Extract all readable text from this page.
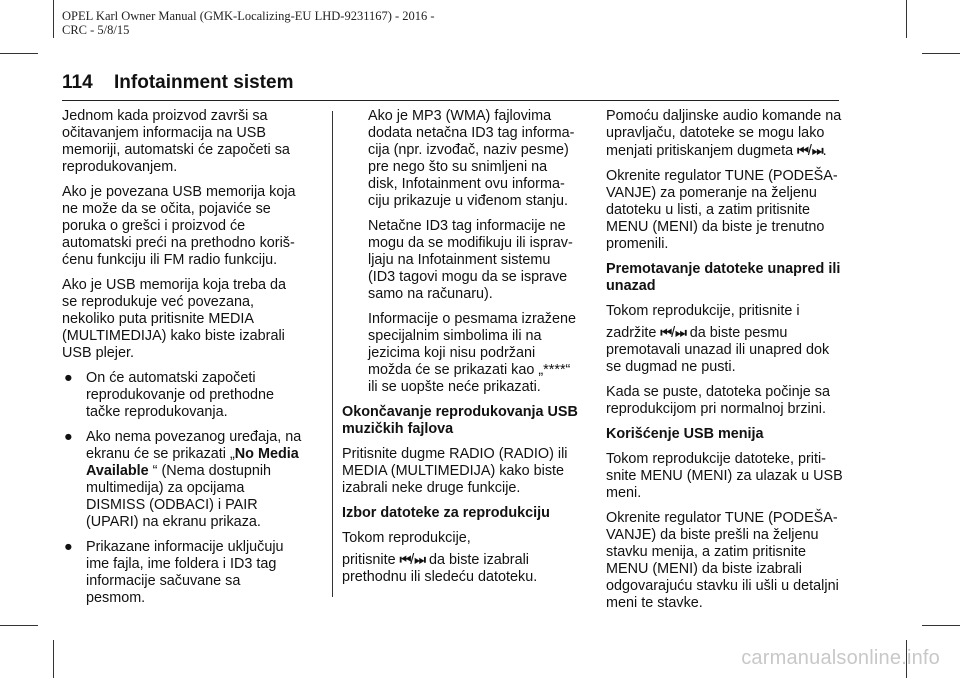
OPEL Karl Owner Manual (GMK-Localizing-EU LHD-9231167) - 2016 -
CRC - 5/8/15
114 Infotainment sistem

Jednom kada proizvod završi sa očitavanjem informacija na USB memoriji, automatski će započeti sa reprodukovanjem.

Ako je povezana USB memorija koja ne može da se očita, pojaviće se poruka o grešci i proizvod će automatski preći na prethodno koriš-ćenu funkciju ili FM radio funkciju.

Ako je USB memorija koja treba da se reprodukuje već povezana, nekoliko puta pritisnite MEDIA (MULTIMEDIJA) kako biste izabrali USB plejer.

● On će automatski započeti reprodukovanje od prethodne tačke reprodukovanja.
● Ako nema povezanog uređaja, na ekranu će se prikazati „No Media Available “ (Nema dostupnih multimedija) za opcijama DISMISS (ODBACI) i PAIR (UPARI) na ekranu prikaza.
● Prikazane informacije uključuju ime fajla, ime foldera i ID3 tag informacije sačuvane sa pesmom.

Ako je MP3 (WMA) fajlovima dodata netačna ID3 tag informa-cija (npr. izvođač, naziv pesme) pre nego što su snimljeni na disk, Infotainment ovu informa-ciju prikazuje u viđenom stanju.

Netačne ID3 tag informacije ne mogu da se modifikuju ili isprav-ljaju na Infotainment sistemu (ID3 tagovi mogu da se isprave samo na računaru).

Informacije o pesmama izražene specijalnim simbolima ili na jezicima koji nisu podržani možda će se prikazati kao „****“ ili se uopšte neće prikazati.

Okončavanje reprodukovanja USB muzičkih fajlova

Pritisnite dugme RADIO (RADIO) ili MEDIA (MULTIMEDIJA) kako biste izabrali neke druge funkcije.

Izbor datoteke za reprodukciju

Tokom reprodukcije,

pritisnite ⏮/⏭ da biste izabrali prethodnu ili sledeću datoteku.

Pomoću daljinske audio komande na upravljaču, datoteke se mogu lako menjati pritiskanjem dugmeta ⏮/⏭.

Okrenite regulator TUNE (PODEŠA-VANJE) za pomeranje na željenu datoteku u listi, a zatim pritisnite MENU (MENI) da biste je trenutno promenili.

Premotavanje datoteke unapred ili unazad

Tokom reprodukcije, pritisnite i

zadržite ⏮/⏭ da biste pesmu premotavali unazad ili unapred dok se dugmad ne pusti.

Kada se puste, datoteka počinje sa reprodukcijom pri normalnoj brzini.

Korišćenje USB menija

Tokom reprodukcije datoteke, priti-snite MENU (MENI) za ulazak u USB meni.

Okrenite regulator TUNE (PODEŠA-VANJE) da biste prešli na željenu stavku menija, a zatim pritisnite MENU (MENI) da biste izabrali odgovarajuću stavku ili ušli u detaljni meni te stavke.

carmanualsonline.info
